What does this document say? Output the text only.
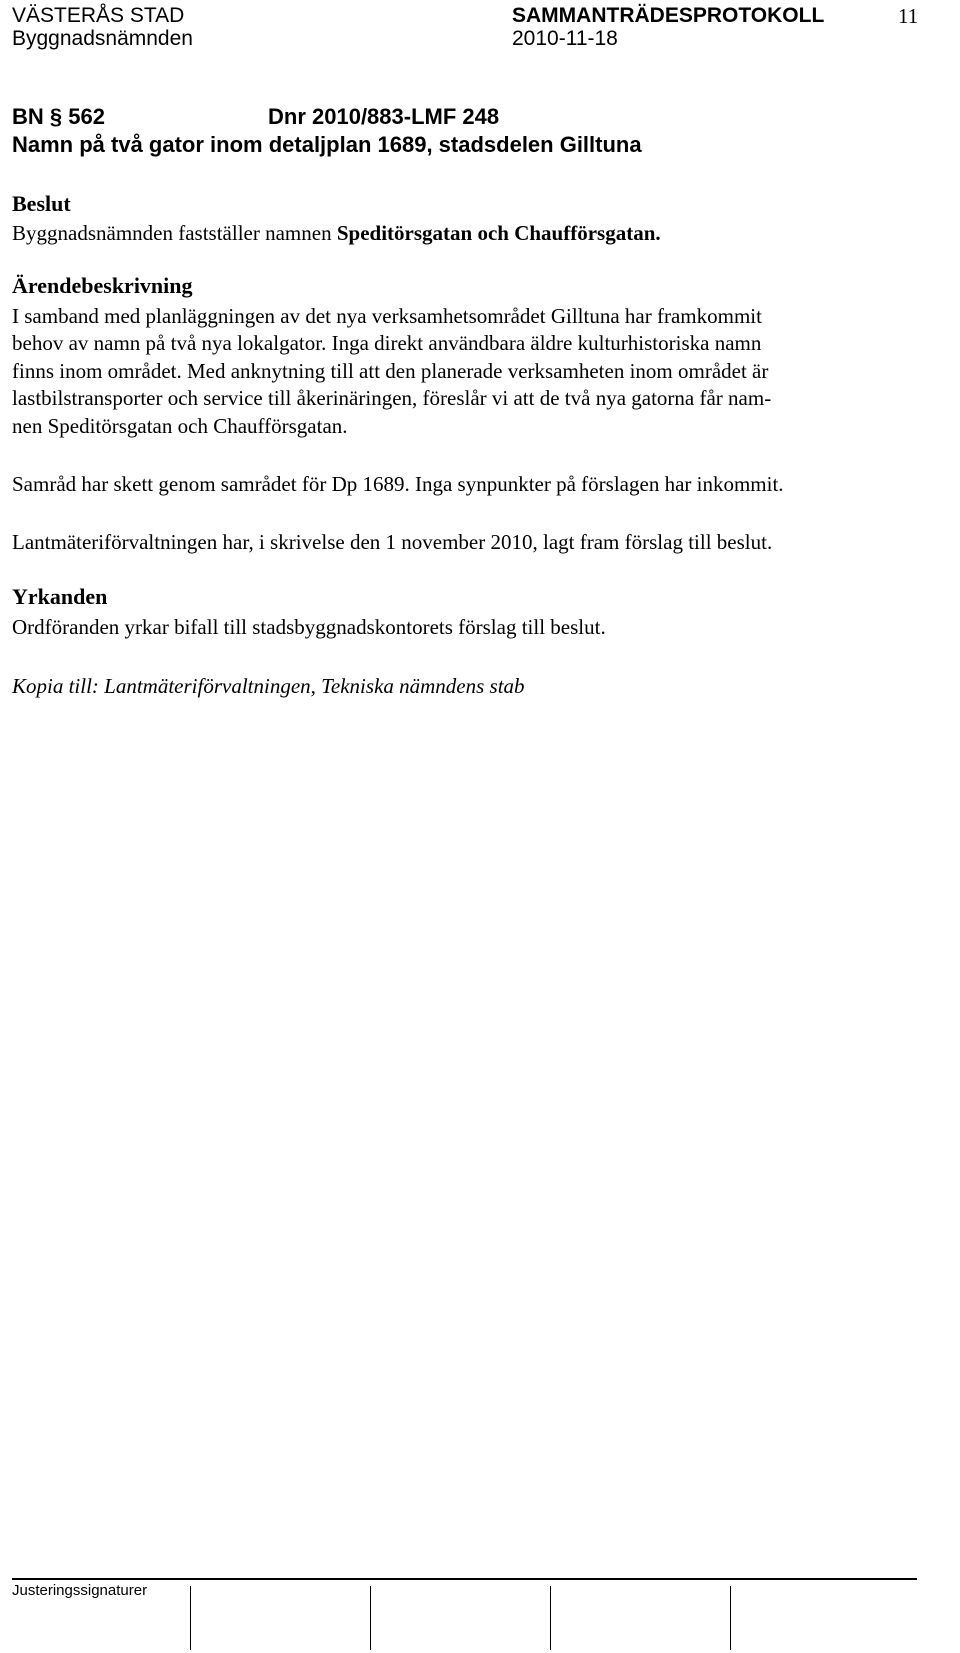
VÄSTERÅS STAD	SAMMANTRÄDESPROTOKOLL	11
Byggnadsnämnden	2010-11-18
BN § 562	Dnr 2010/883-LMF 248
Namn på två gator inom detaljplan 1689, stadsdelen Gilltuna
Beslut
Byggnadsnämnden fastställer namnen Speditörsgatan och Chaufförsgatan.
Ärendebeskrivning
I samband med planläggningen av det nya verksamhetsområdet Gilltuna har framkommit
behov av namn på två nya lokalgator. Inga direkt användbara äldre kulturhistoriska namn
finns inom området. Med anknytning till att den planerade verksamheten inom området är
lastbilstransporter och service till åkerinäringen, föreslår vi att de två nya gatorna får nam-
nen Speditörsgatan och Chaufförsgatan.
Samråd har skett genom samrådet för Dp 1689. Inga synpunkter på förslagen har inkommit.
Lantmäteriförvaltningen har, i skrivelse den 1 november 2010, lagt fram förslag till beslut.
Yrkanden
Ordföranden yrkar bifall till stadsbyggnadskontorets förslag till beslut.
Kopia till: Lantmäteriförvaltningen, Tekniska nämndens stab
Justeringssignaturer
